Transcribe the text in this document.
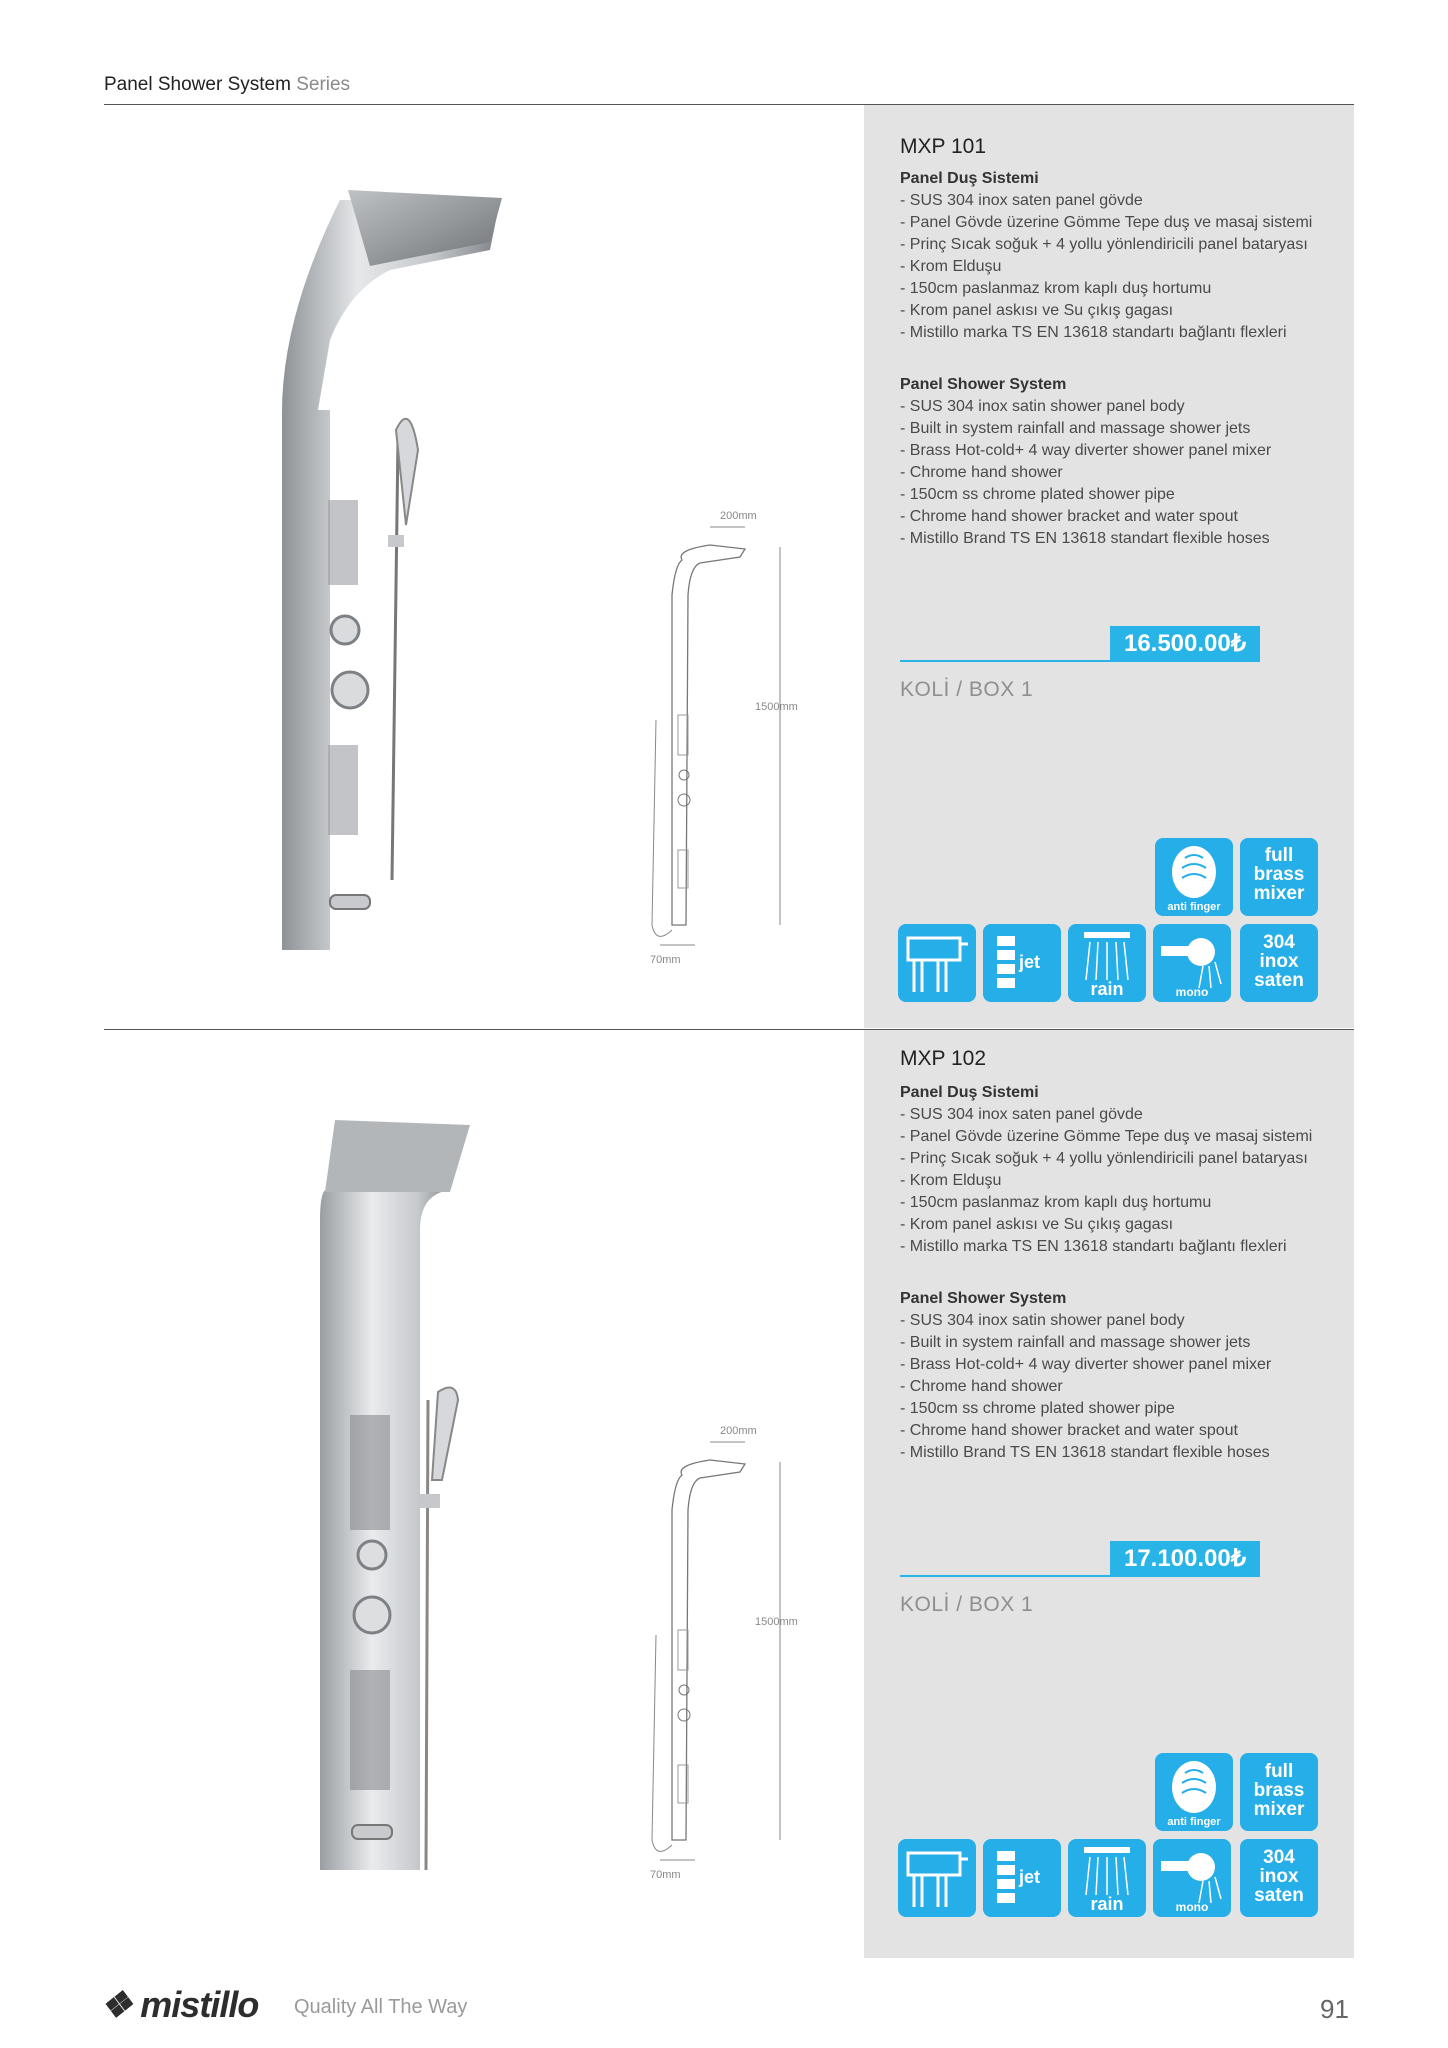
Panel Shower System Series
200mm
1500mm
70mm
MXP 101
Panel Duş Sistemi
- SUS 304 inox saten panel gövde
- Panel Gövde üzerine Gömme Tepe duş ve masaj sistemi
- Prinç Sıcak soğuk + 4 yollu yönlendiricili panel bataryası
- Krom Elduşu
- 150cm paslanmaz krom kaplı duş hortumu
- Krom panel askısı ve Su çıkış gagası
- Mistillo marka TS EN 13618 standartı bağlantı flexleri
Panel Shower System
- SUS 304 inox satin shower panel body
- Built in system rainfall and massage shower jets
- Brass Hot-cold+ 4 way diverter shower panel mixer
- Chrome hand shower
- 150cm ss chrome plated shower pipe
- Chrome hand shower bracket and water spout
- Mistillo Brand TS EN 13618 standart flexible hoses
16.500.00₺
KOLİ / BOX 1
anti finger
full
brass
mixer
jet
rain	mono
304
inox
saten
200mm
1500mm
70mm
MXP 102
Panel Duş Sistemi
- SUS 304 inox saten panel gövde
- Panel Gövde üzerine Gömme Tepe duş ve masaj sistemi
- Prinç Sıcak soğuk + 4 yollu yönlendiricili panel bataryası
- Krom Elduşu
- 150cm paslanmaz krom kaplı duş hortumu
- Krom panel askısı ve Su çıkış gagası
- Mistillo marka TS EN 13618 standartı bağlantı flexleri
Panel Shower System
- SUS 304 inox satin shower panel body
- Built in system rainfall and massage shower jets
- Brass Hot-cold+ 4 way diverter shower panel mixer
- Chrome hand shower
- 150cm ss chrome plated shower pipe
- Chrome hand shower bracket and water spout
- Mistillo Brand TS EN 13618 standart flexible hoses
17.100.00₺
KOLİ / BOX 1
anti finger
full
brass
mixer
jet
rain	mono
304
inox
saten
❖ mistillo Quality All The Way	91
